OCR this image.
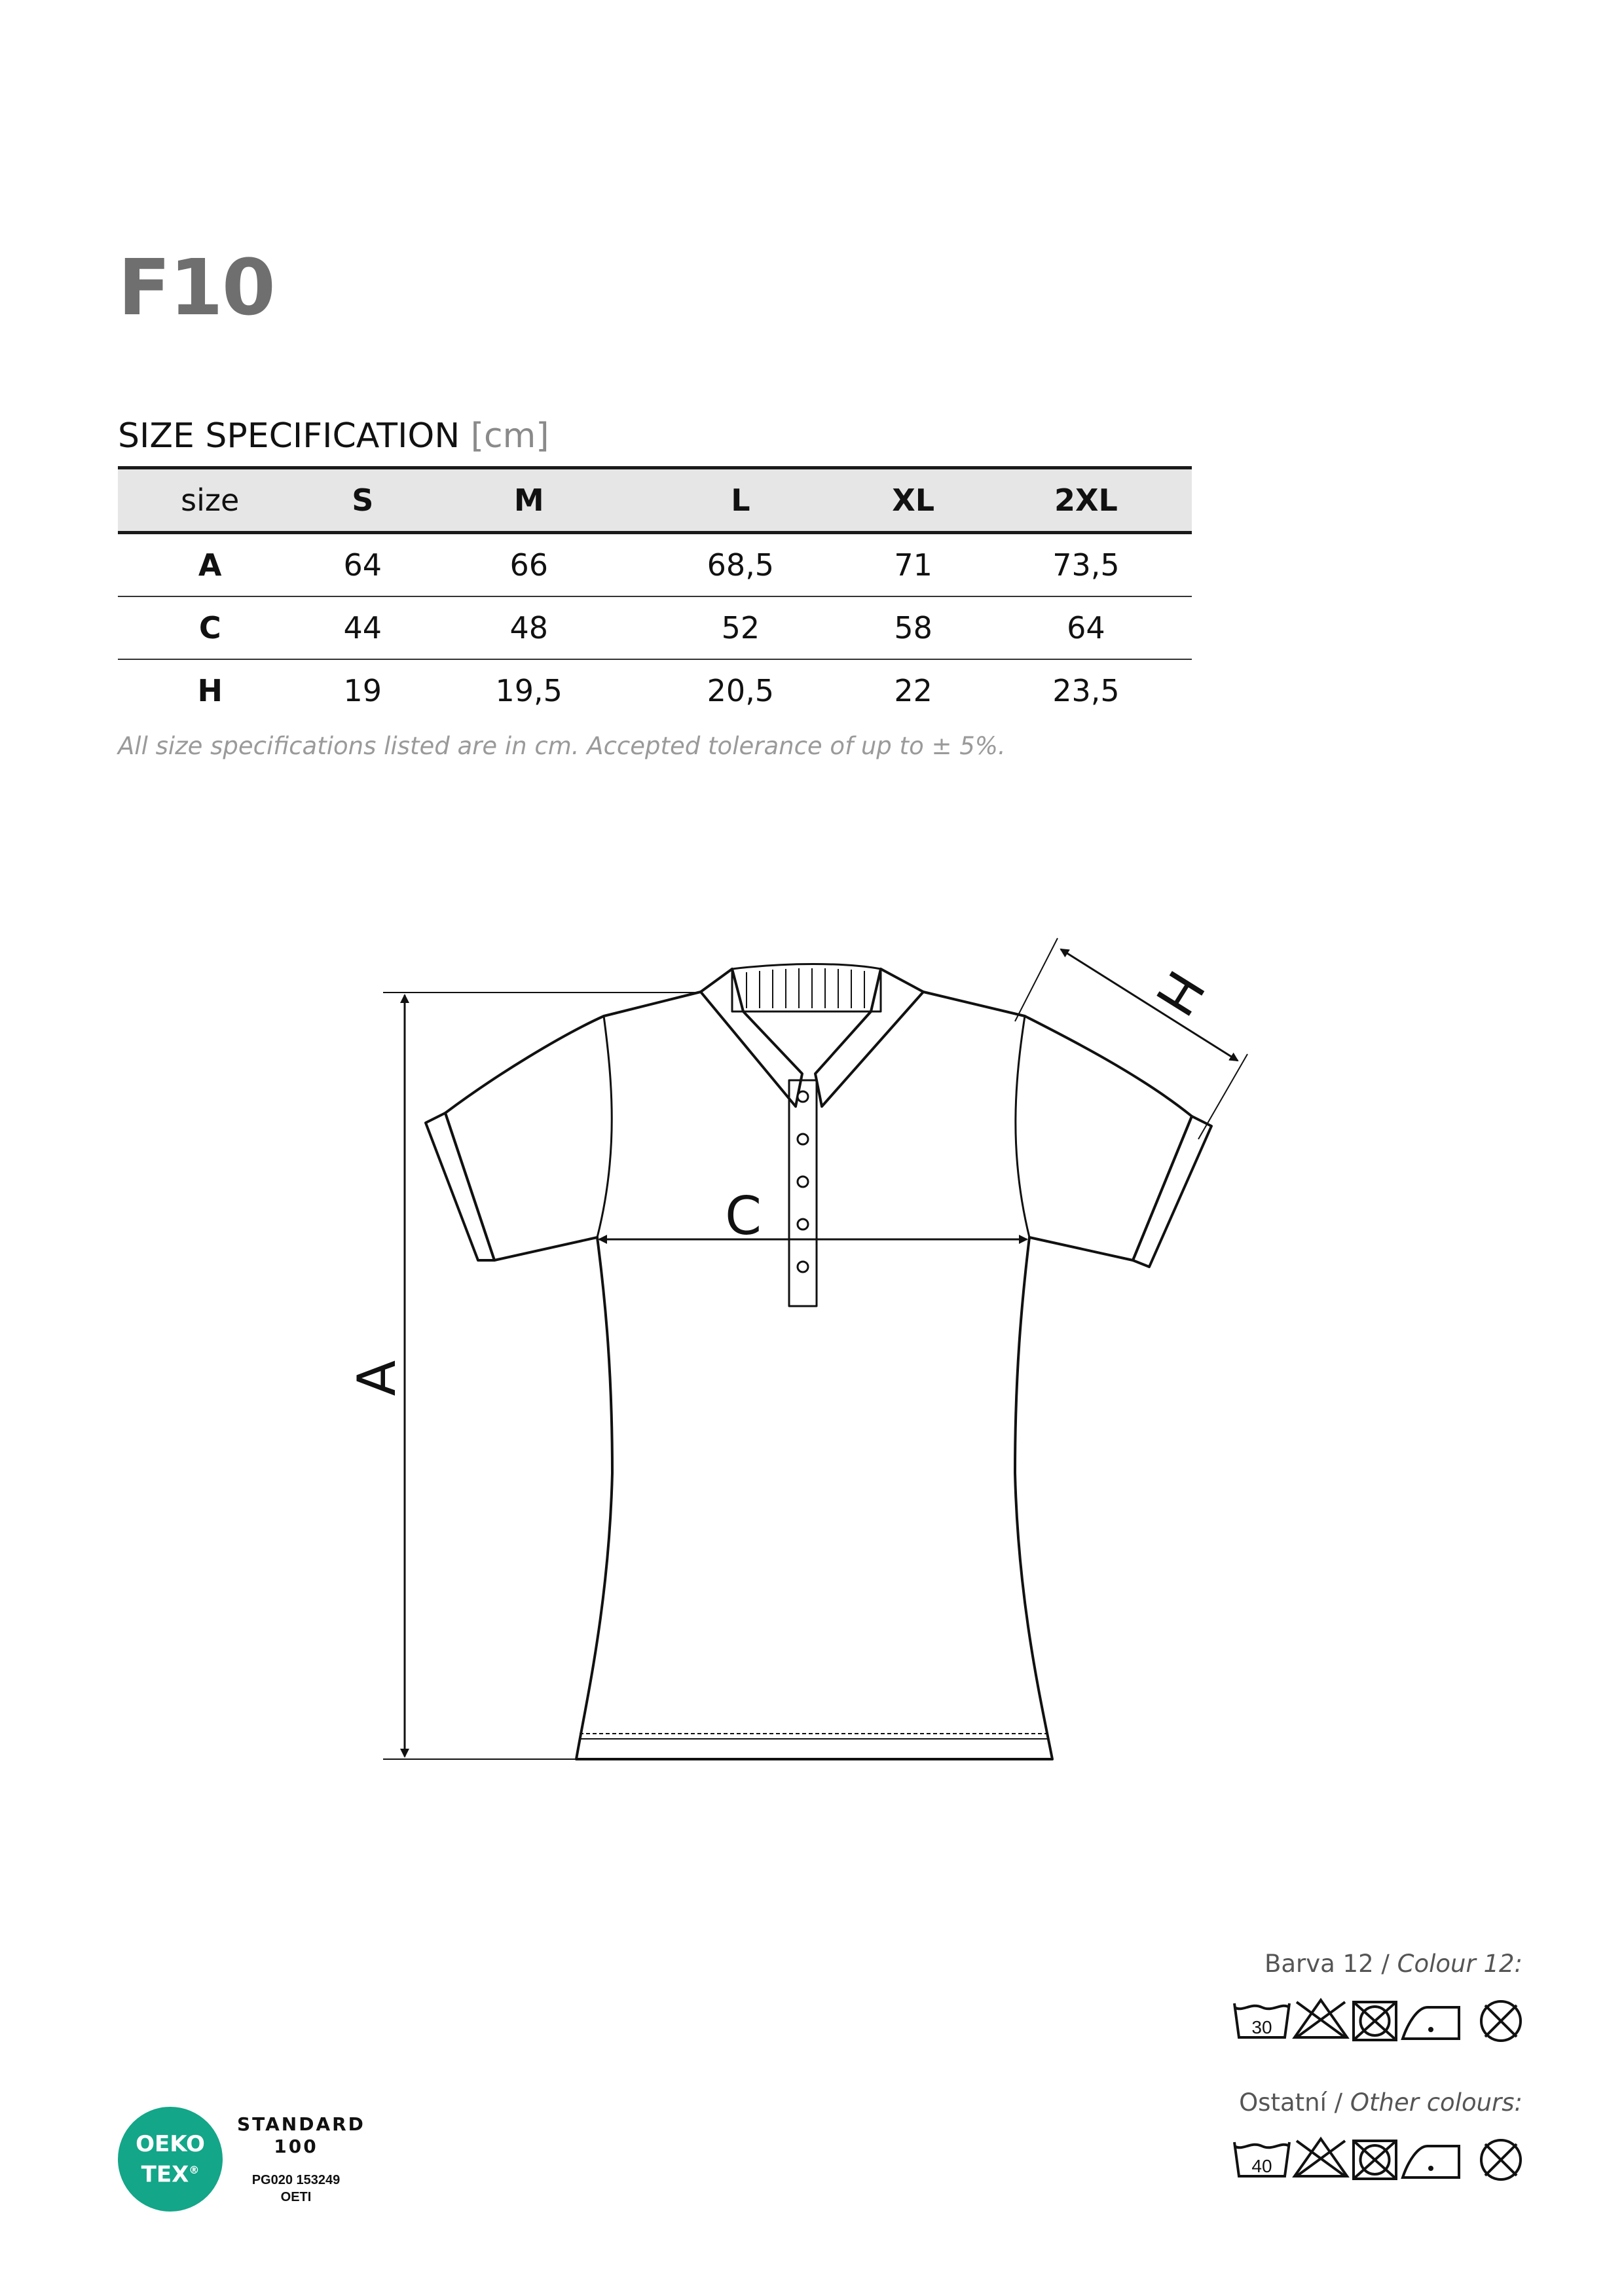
F10
SIZE SPECIFICATION [cm]
size	S	M	L	XL	2XL
A	64	66	68,5	71	73,5
C	44	48	52	58	64
H	19	19,5	20,5	22	23,5
All size specifications listed are in cm. Accepted tolerance of up to ± 5%.
A
C
H
Barva 12 / Colour 12:
30
Ostatní / Other colours:
40
OEKO
TEX®
STANDARD
100
PG020 153249
OETI
